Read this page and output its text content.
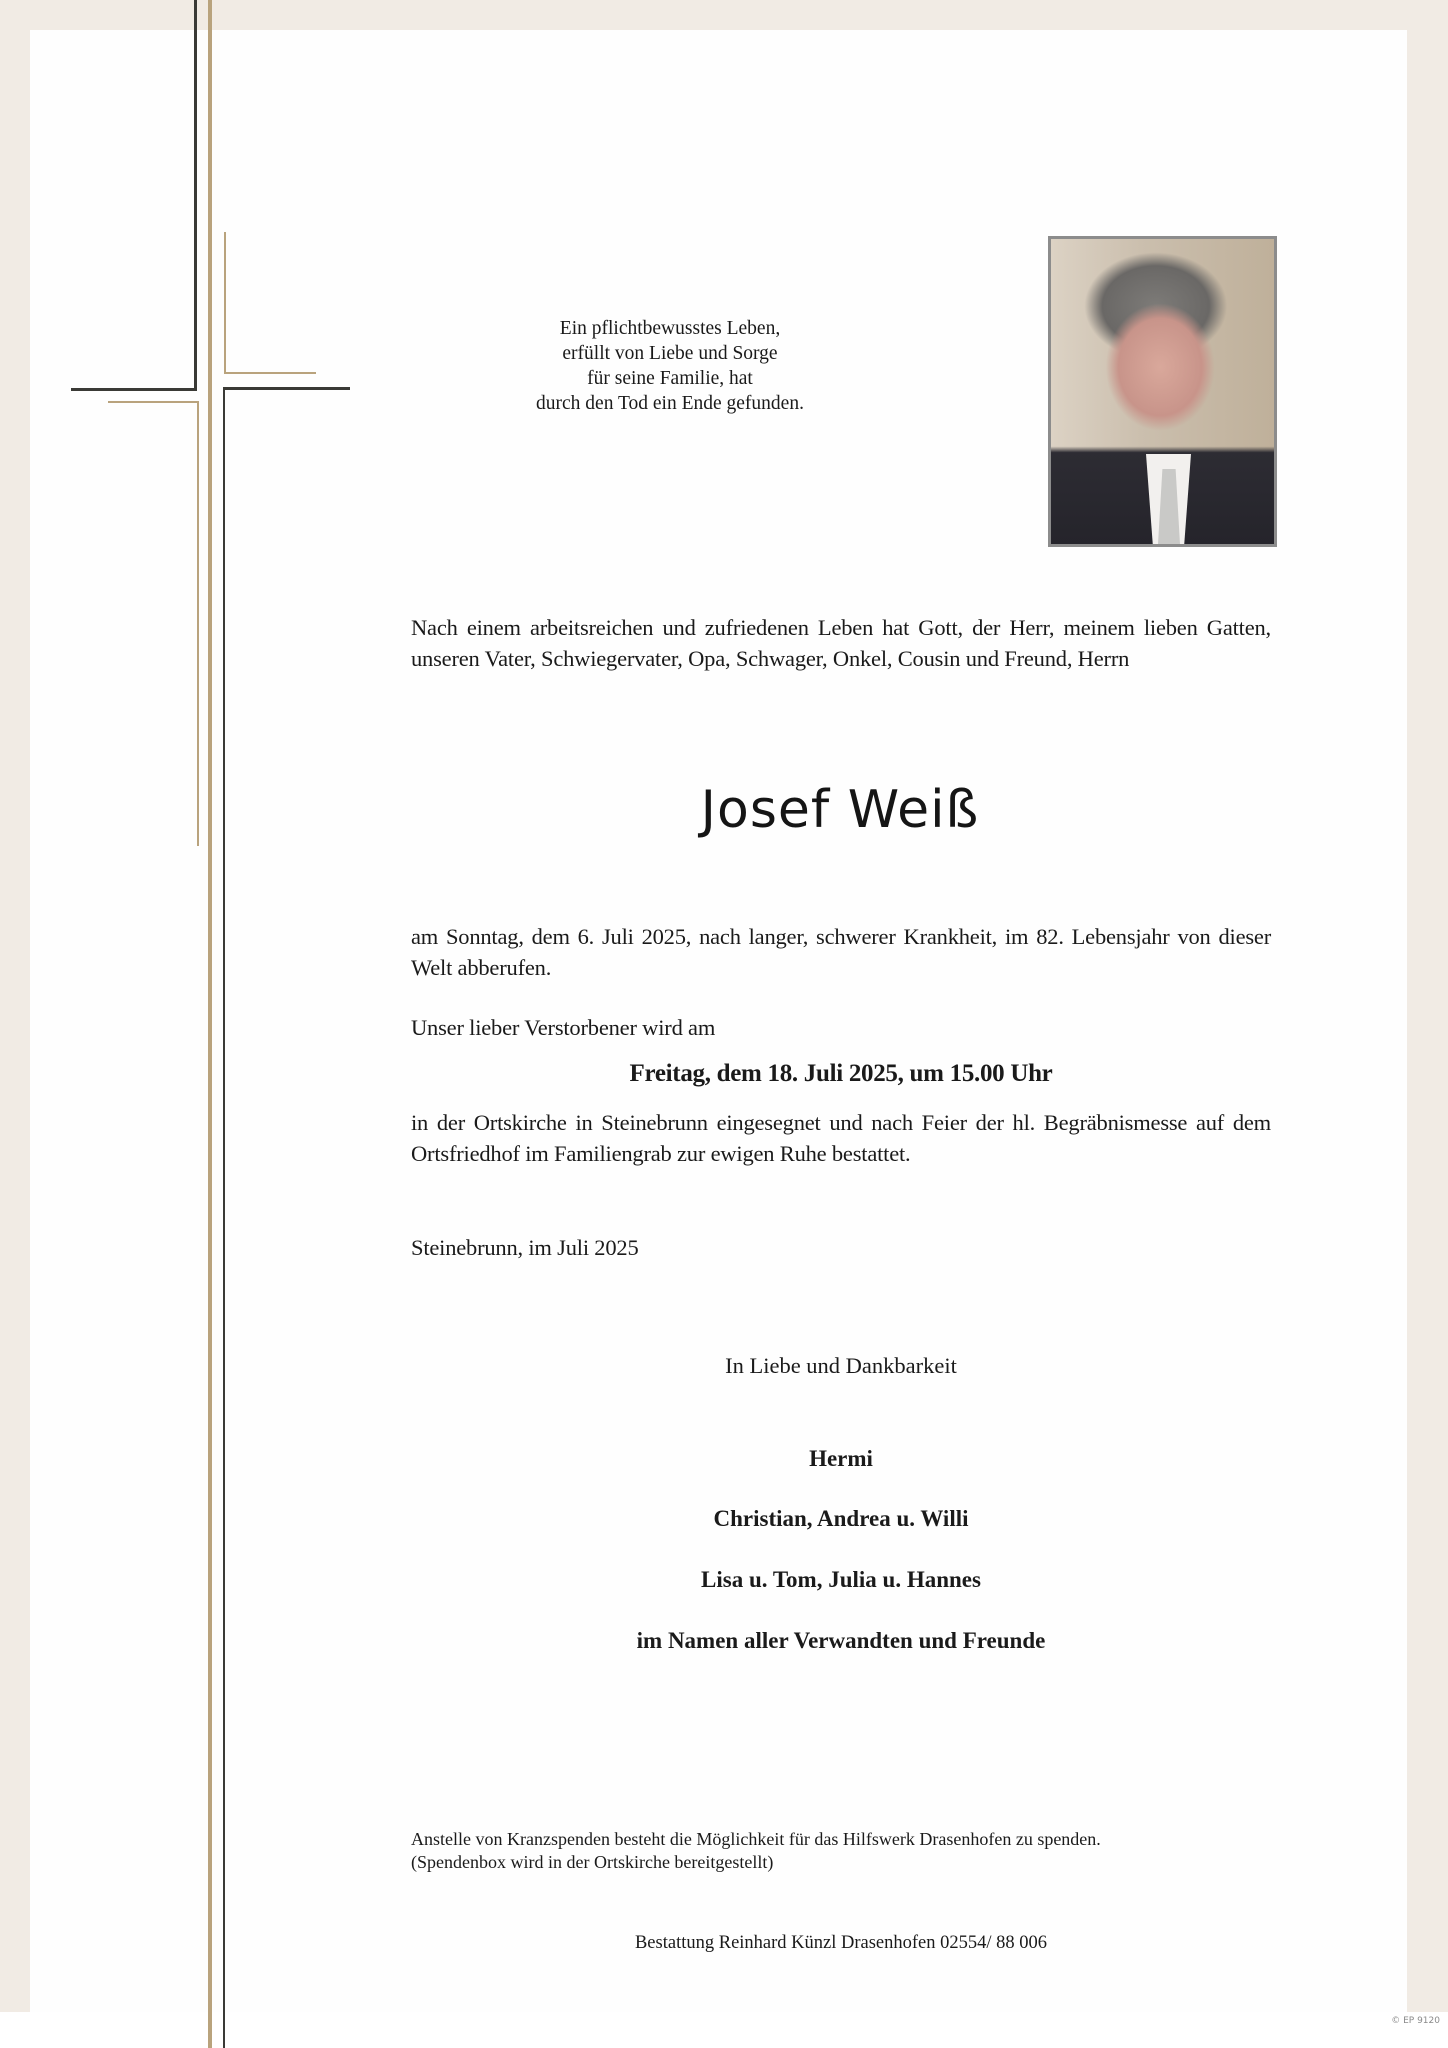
Ein pflichtbewusstes Leben,
erfüllt von Liebe und Sorge
für seine Familie, hat
durch den Tod ein Ende gefunden.
Nach einem arbeitsreichen und zufriedenen Leben hat Gott, der Herr, meinem lieben Gatten, unseren Vater, Schwiegervater, Opa, Schwager, Onkel, Cousin und Freund, Herrn
Josef Weiß
am Sonntag, dem 6. Juli 2025, nach langer, schwerer Krankheit, im 82. Lebensjahr von dieser Welt abberufen.
Unser lieber Verstorbener wird am
Freitag, dem 18. Juli 2025, um 15.00 Uhr
in der Ortskirche in Steinebrunn eingesegnet und nach Feier der hl. Begräbnismesse auf dem Ortsfriedhof im Familiengrab zur ewigen Ruhe bestattet.
Steinebrunn, im Juli 2025
In Liebe und Dankbarkeit
Hermi
Christian, Andrea u. Willi
Lisa u. Tom, Julia u. Hannes
im Namen aller Verwandten und Freunde
Anstelle von Kranzspenden besteht die Möglichkeit für das Hilfswerk Drasenhofen zu spenden.
(Spendenbox wird in der Ortskirche bereitgestellt)
Bestattung Reinhard Künzl Drasenhofen 02554/ 88 006
© EP 9120
